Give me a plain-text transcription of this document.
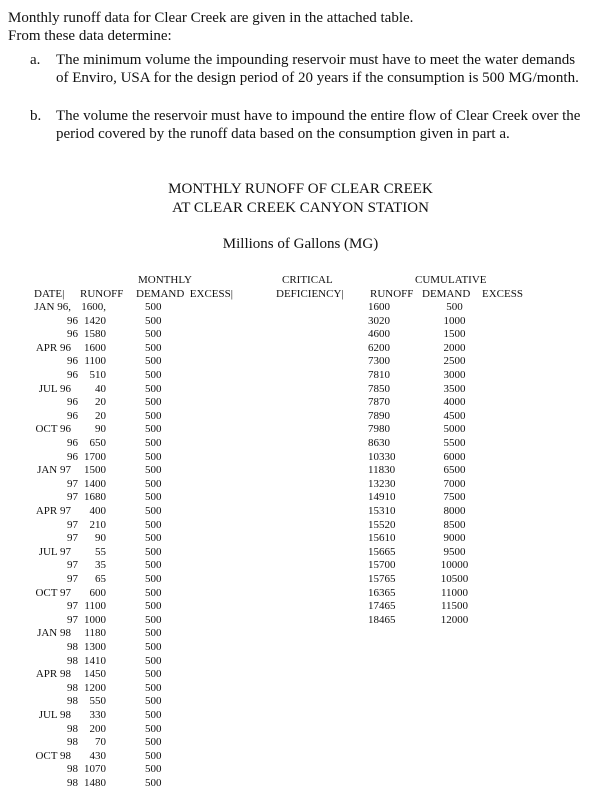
Monthly runoff data for Clear Creek are given in the attached table.

From these data determine:

a. The minimum volume the impounding reservoir must have to meet the water demands of Enviro, USA for the design period of 20 years if the consumption is 500 MG/month.
b. The volume the reservoir must have to impound the entire flow of Clear Creek over the period covered by the runoff data based on the consumption given in part a.
MONTHLY RUNOFF OF CLEAR CREEK
AT CLEAR CREEK CANYON STATION
Millions of Gallons (MG)
MONTHLY	CRITICAL	CUMULATIVE
DATE| RUNOFF DEMAND  EXCESS|	DEFICIENCY| RUNOFF DEMAND EXCESS
JAN 96, 1600,	500	1600	500
96 1420	500	3020	1000
96 1580	500	4600	1500
APR 96	1600	500	6200	2000
96 1100	500	7300	2500
96	510	500	7810	3000
JUL 96	40	500	7850	3500
96	20	500	7870	4000
96	20	500	7890	4500
OCT 96	90	500	7980	5000
96	650	500	8630	5500
96 1700	500	10330	6000
JAN 97	1500	500	11830	6500
97 1400	500	13230	7000
97 1680	500	14910	7500
APR 97	400	500	15310	8000
97	210	500	15520	8500
97	90	500	15610	9000
JUL 97	55	500	15665	9500
97	35	500	15700	10000
97	65	500	15765	10500
OCT 97	600	500	16365	11000
97 1100	500	17465	11500
97 1000	500	18465	12000
JAN 98	1180	500
98 1300	500
98 1410	500
APR 98	1450	500
98 1200	500
98	550	500
JUL 98	330	500
98	200	500
98	70	500
OCT 98	430	500
98 1070	500
98 1480	500
